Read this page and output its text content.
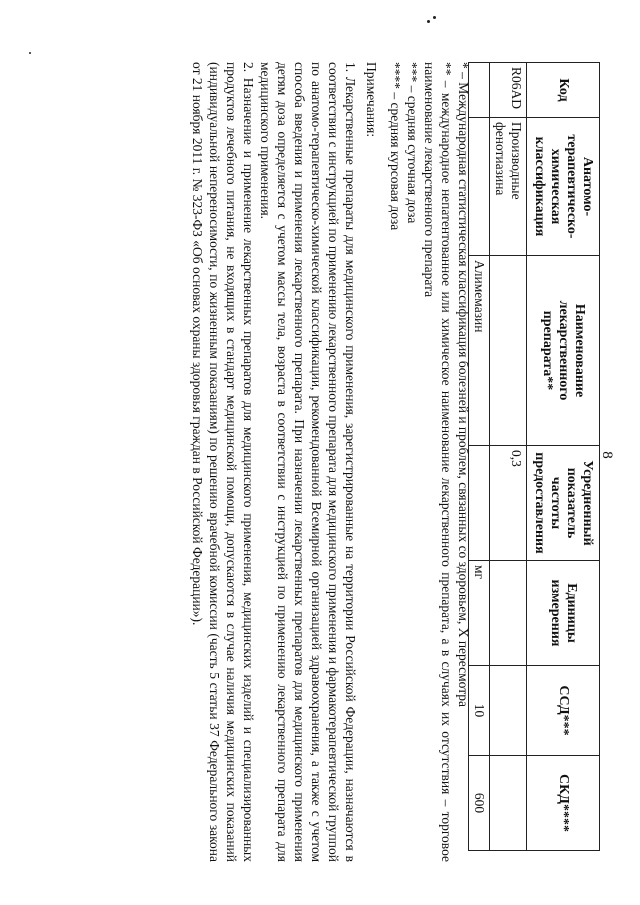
8
Код	Анатомо-терапевтическо-химическая классификация	Наименование лекарственного препарата**	Усредненный показатель частоты предоставления	Единицы измерения	ССД***	СКД****
R06AD	Производные фенотиазина		0,3			
		Алимемазин		мг	10	600

* – Международная статистическая классификация болезней и проблем, связанных со здоровьем, X пересмотра

** – международное непатентованное или химическое наименование лекарственного препарата, а в случаях их отсутствия – торговое наименование лекарственного препарата

*** – средняя суточная доза

**** – средняя курсовая доза

Примечания:

1. Лекарственные препараты для медицинского применения, зарегистрированные на территории Российской Федерации, назначаются в соответствии с инструкцией по применению лекарственного препарата для медицинского применения и фармакотерапевтической группой по анатомо-терапевтическо-химической классификации, рекомендованной Всемирной организацией здравоохранения, а также с учетом способа введения и применения лекарственного препарата. При назначении лекарственных препаратов для медицинского применения детям доза определяется с учетом массы тела, возраста в соответствии с инструкцией по применению лекарственного препарата для медицинского применения.

2. Назначение и применение лекарственных препаратов для медицинского применения, медицинских изделий и специализированных продуктов лечебного питания, не входящих в стандарт медицинской помощи, допускаются в случае наличия медицинских показаний (индивидуальной непереносимости, по жизненным показаниям) по решению врачебной комиссии (часть 5 статьи 37 Федерального закона от 21 ноября 2011 г. № 323-ФЗ «Об основах охраны здоровья граждан в Российской Федерации»).
